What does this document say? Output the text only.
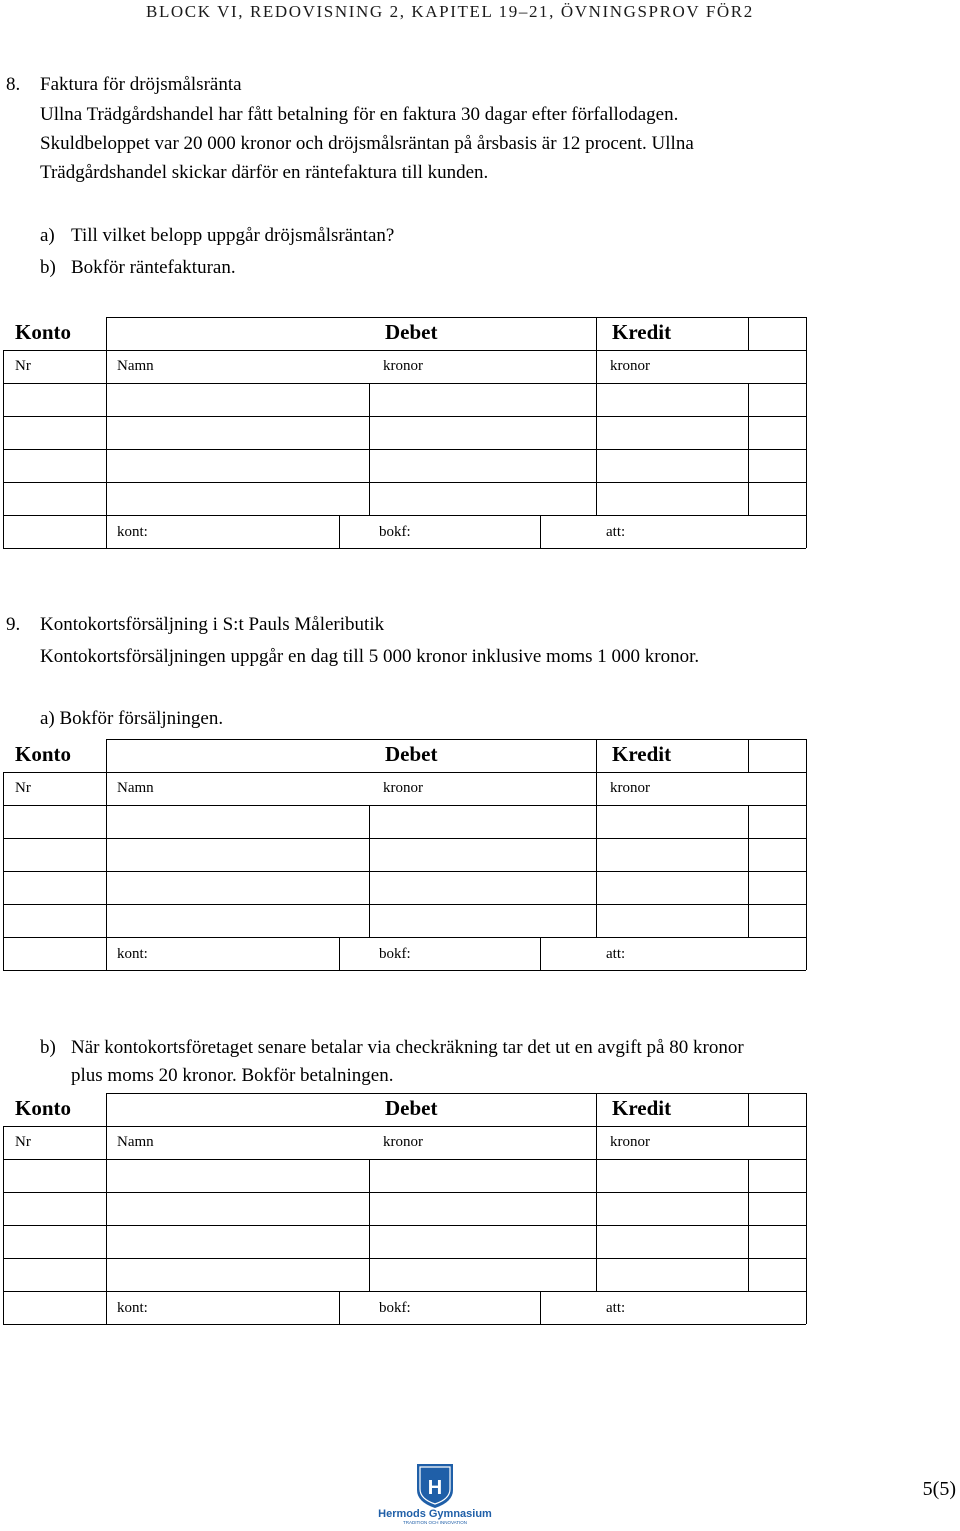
BLOCK VI, REDOVISNING 2, KAPITEL 19–21, ÖVNINGSPROV FÖR2
8. Faktura för dröjsmålsränta
Ullna Trädgårdshandel har fått betalning för en faktura 30 dagar efter förfallodagen.
Skuldbeloppet var 20 000 kronor och dröjsmålsräntan på årsbasis är 12 procent. Ullna
Trädgårdshandel skickar därför en räntefaktura till kunden.
a) Till vilket belopp uppgår dröjsmålsräntan?
b) Bokför räntefakturan.
Konto	Debet	Kredit
Nr	Namn	kronor	kronor
kont:	bokf:	att:
Konto	Debet	Kredit
Nr	Namn	kronor	kronor
kont:	bokf:	att:
Konto	Debet	Kredit
Nr	Namn	kronor	kronor
kont:	bokf:	att:
9. Kontokortsförsäljning i S:t Pauls Måleributik
Kontokortsförsäljningen uppgår en dag till 5 000 kronor inklusive moms 1 000 kronor.
a) Bokför försäljningen.
b) När kontokortsföretaget senare betalar via checkräkning tar det ut en avgift på 80 kronor
plus moms 20 kronor. Bokför betalningen.
H
Hermods Gymnasium
TRADITION OCH INNOVATION
5(5)
